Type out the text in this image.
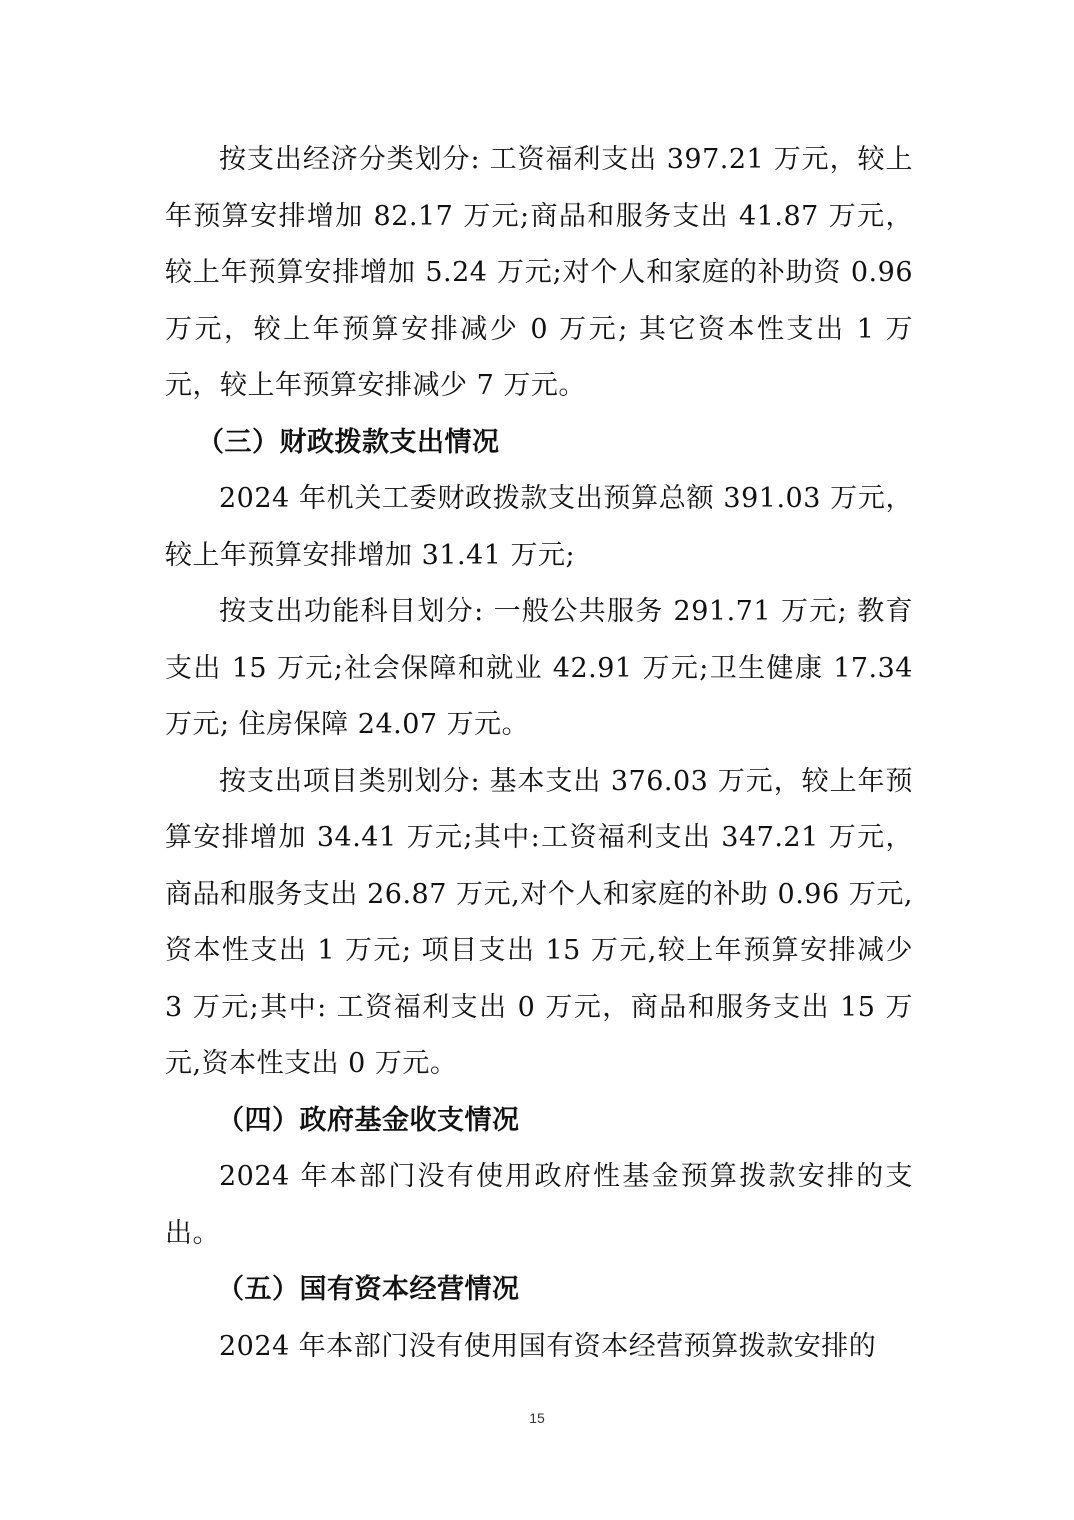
按支出经济分类划分: 工资福利支出 397.21 万元，较上年预算安排增加 82.17 万元;商品和服务支出 41.87 万元，较上年预算安排增加 5.24 万元;对个人和家庭的补助资 0.96 万元，较上年预算安排减少 0 万元; 其它资本性支出 1 万元，较上年预算安排减少 7 万元。

（三）财政拨款支出情况

2024 年机关工委财政拨款支出预算总额 391.03 万元，较上年预算安排增加 31.41 万元;

按支出功能科目划分: 一般公共服务 291.71 万元; 教育支出 15 万元;社会保障和就业 42.91 万元;卫生健康 17.34 万元; 住房保障 24.07 万元。

按支出项目类别划分: 基本支出 376.03 万元，较上年预算安排增加 34.41 万元;其中:工资福利支出 347.21 万元，商品和服务支出 26.87 万元,对个人和家庭的补助 0.96 万元,资本性支出 1 万元; 项目支出 15 万元,较上年预算安排减少 3 万元;其中: 工资福利支出 0 万元，商品和服务支出 15 万元,资本性支出 0 万元。

（四）政府基金收支情况

2024 年本部门没有使用政府性基金预算拨款安排的支出。

（五）国有资本经营情况

2024 年本部门没有使用国有资本经营预算拨款安排的

15
